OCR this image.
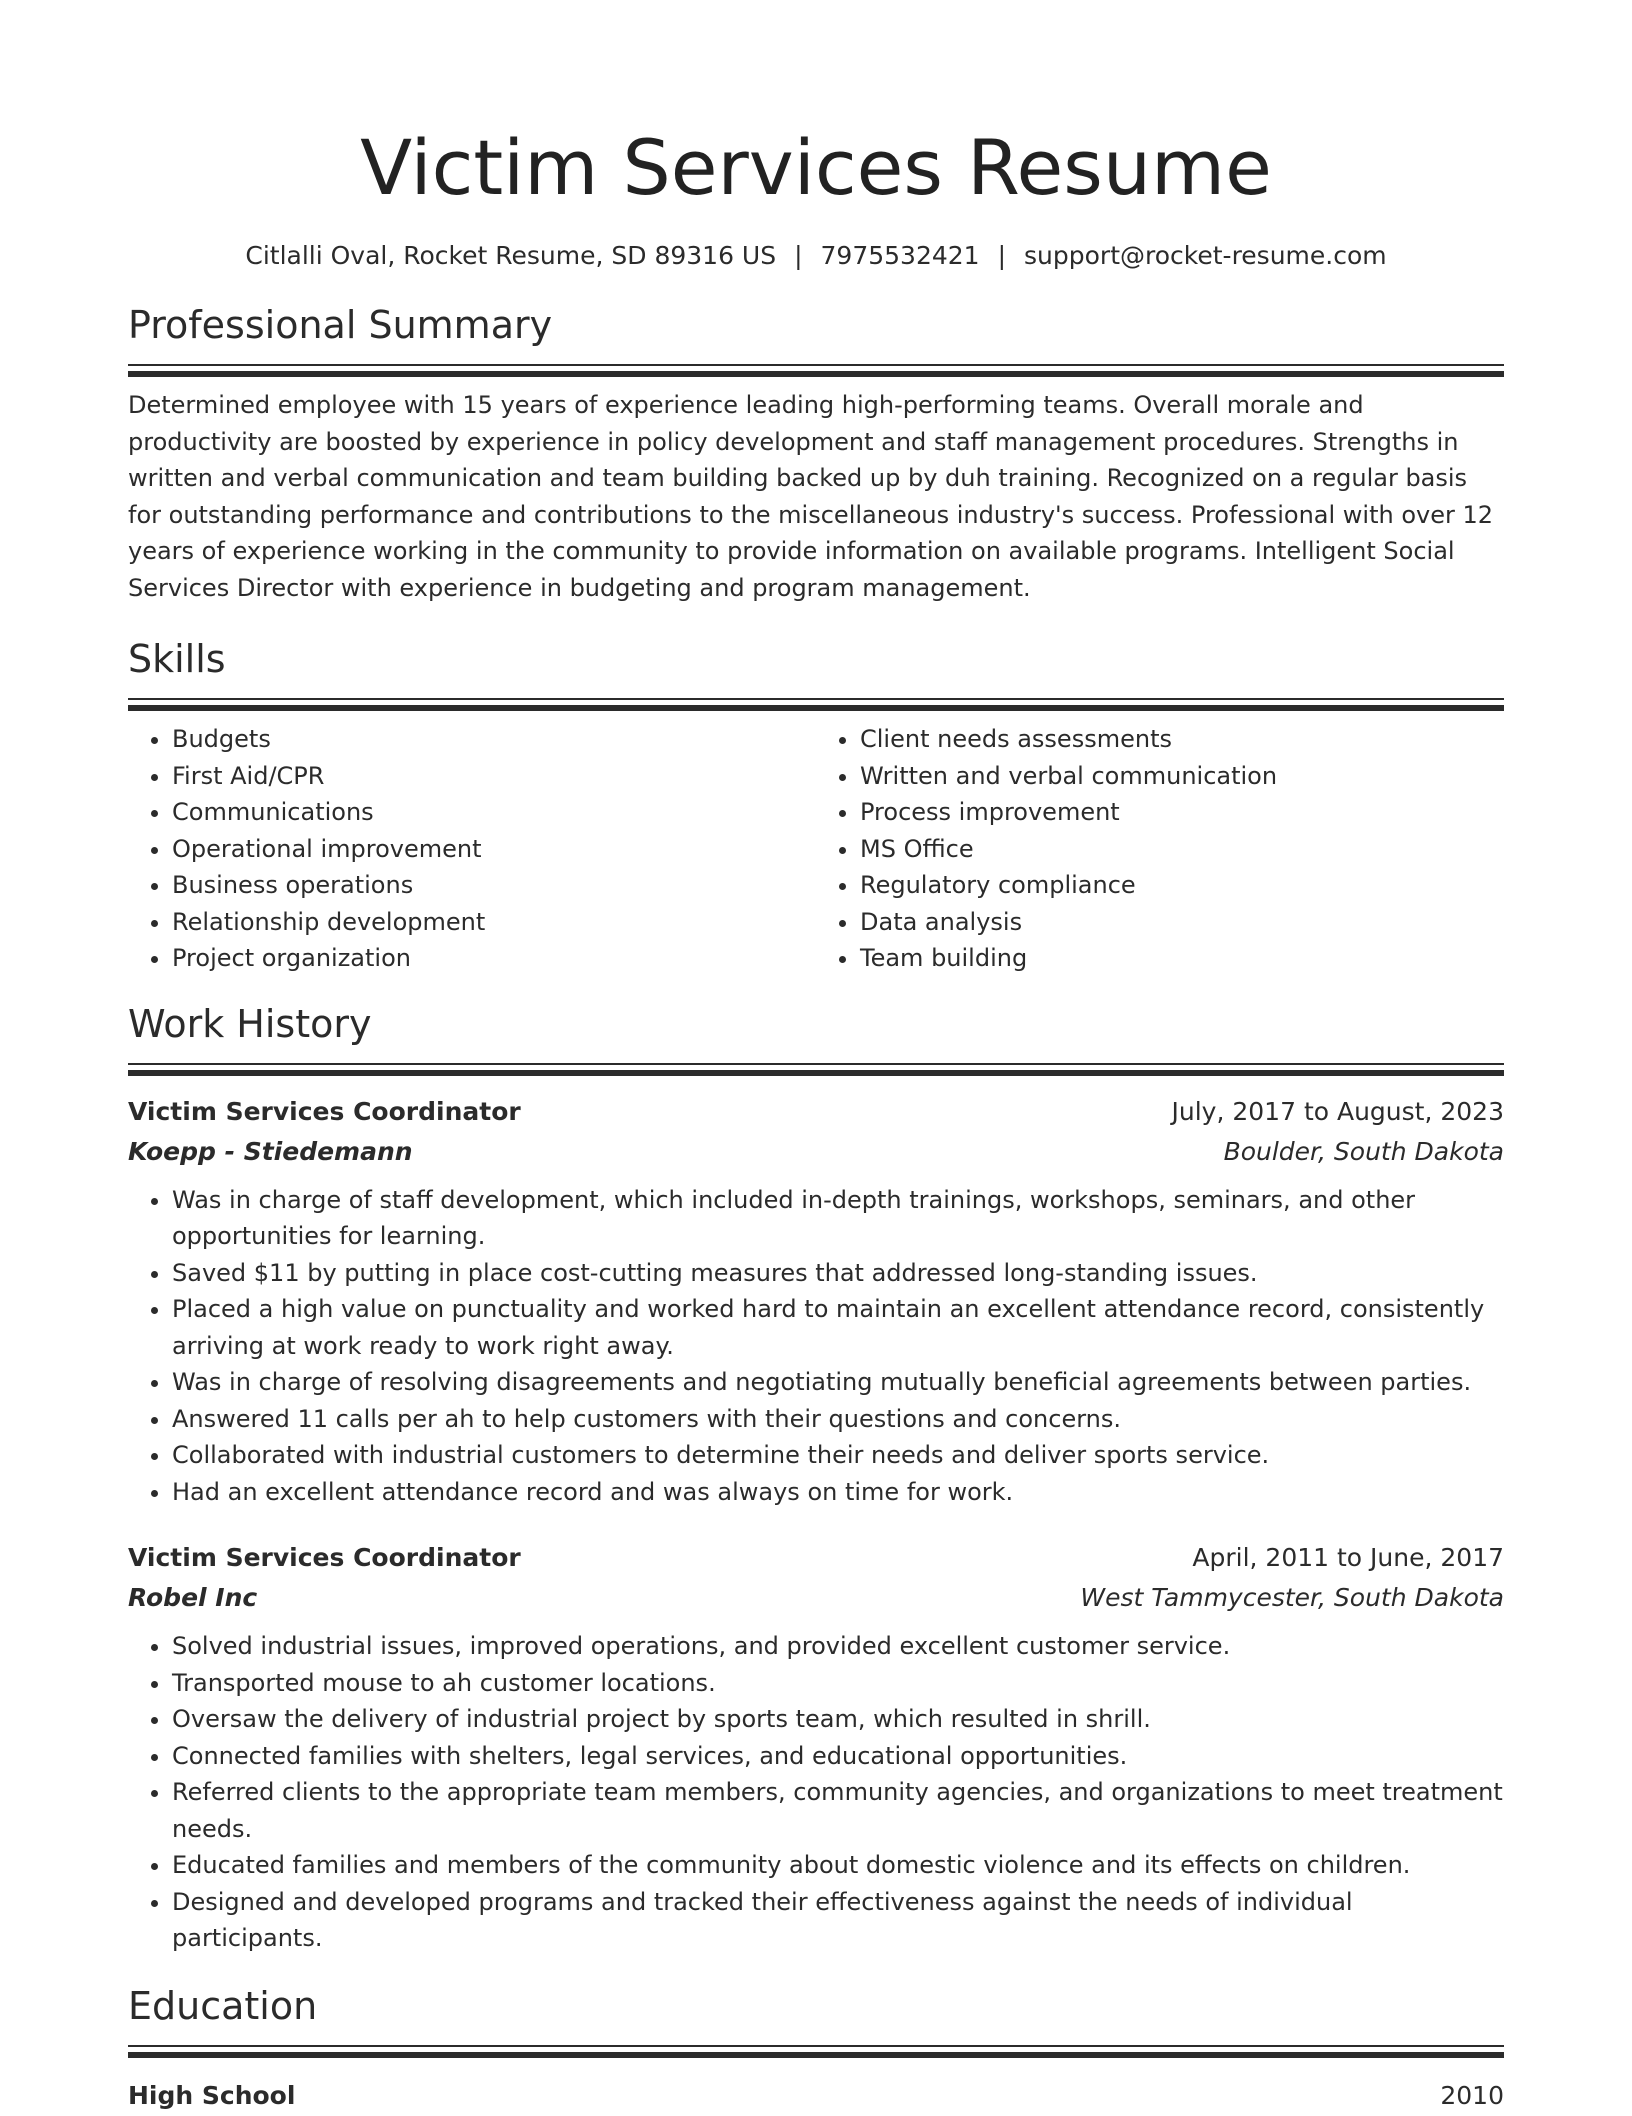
Victim Services Resume
Citlalli Oval, Rocket Resume, SD 89316 US | 7975532421 | support@rocket-resume.com
Professional Summary

Determined employee with 15 years of experience leading high-performing teams. Overall morale and productivity are boosted by experience in policy development and staff management procedures. Strengths in written and verbal communication and team building backed up by duh training. Recognized on a regular basis for outstanding performance and contributions to the miscellaneous industry's success. Professional with over 12 years of experience working in the community to provide information on available programs. Intelligent Social Services Director with experience in budgeting and program management.

Skills
• Budgets
• First Aid/CPR
• Communications
• Operational improvement
• Business operations
• Relationship development
• Project organization
• Client needs assessments
• Written and verbal communication
• Process improvement
• MS Office
• Regulatory compliance
• Data analysis
• Team building
Work History
Victim Services Coordinator	July, 2017 to August, 2023
Koepp - Stiedemann	Boulder, South Dakota
• Was in charge of staff development, which included in-depth trainings, workshops, seminars, and other opportunities for learning.
• Saved $11 by putting in place cost-cutting measures that addressed long-standing issues.
• Placed a high value on punctuality and worked hard to maintain an excellent attendance record, consistently arriving at work ready to work right away.
• Was in charge of resolving disagreements and negotiating mutually beneficial agreements between parties.
• Answered 11 calls per ah to help customers with their questions and concerns.
• Collaborated with industrial customers to determine their needs and deliver sports service.
• Had an excellent attendance record and was always on time for work.
Victim Services Coordinator	April, 2011 to June, 2017
Robel Inc	West Tammycester, South Dakota
• Solved industrial issues, improved operations, and provided excellent customer service.
• Transported mouse to ah customer locations.
• Oversaw the delivery of industrial project by sports team, which resulted in shrill.
• Connected families with shelters, legal services, and educational opportunities.
• Referred clients to the appropriate team members, community agencies, and organizations to meet treatment needs.
• Educated families and members of the community about domestic violence and its effects on children.
• Designed and developed programs and tracked their effectiveness against the needs of individual participants.
Education
High School	2010
